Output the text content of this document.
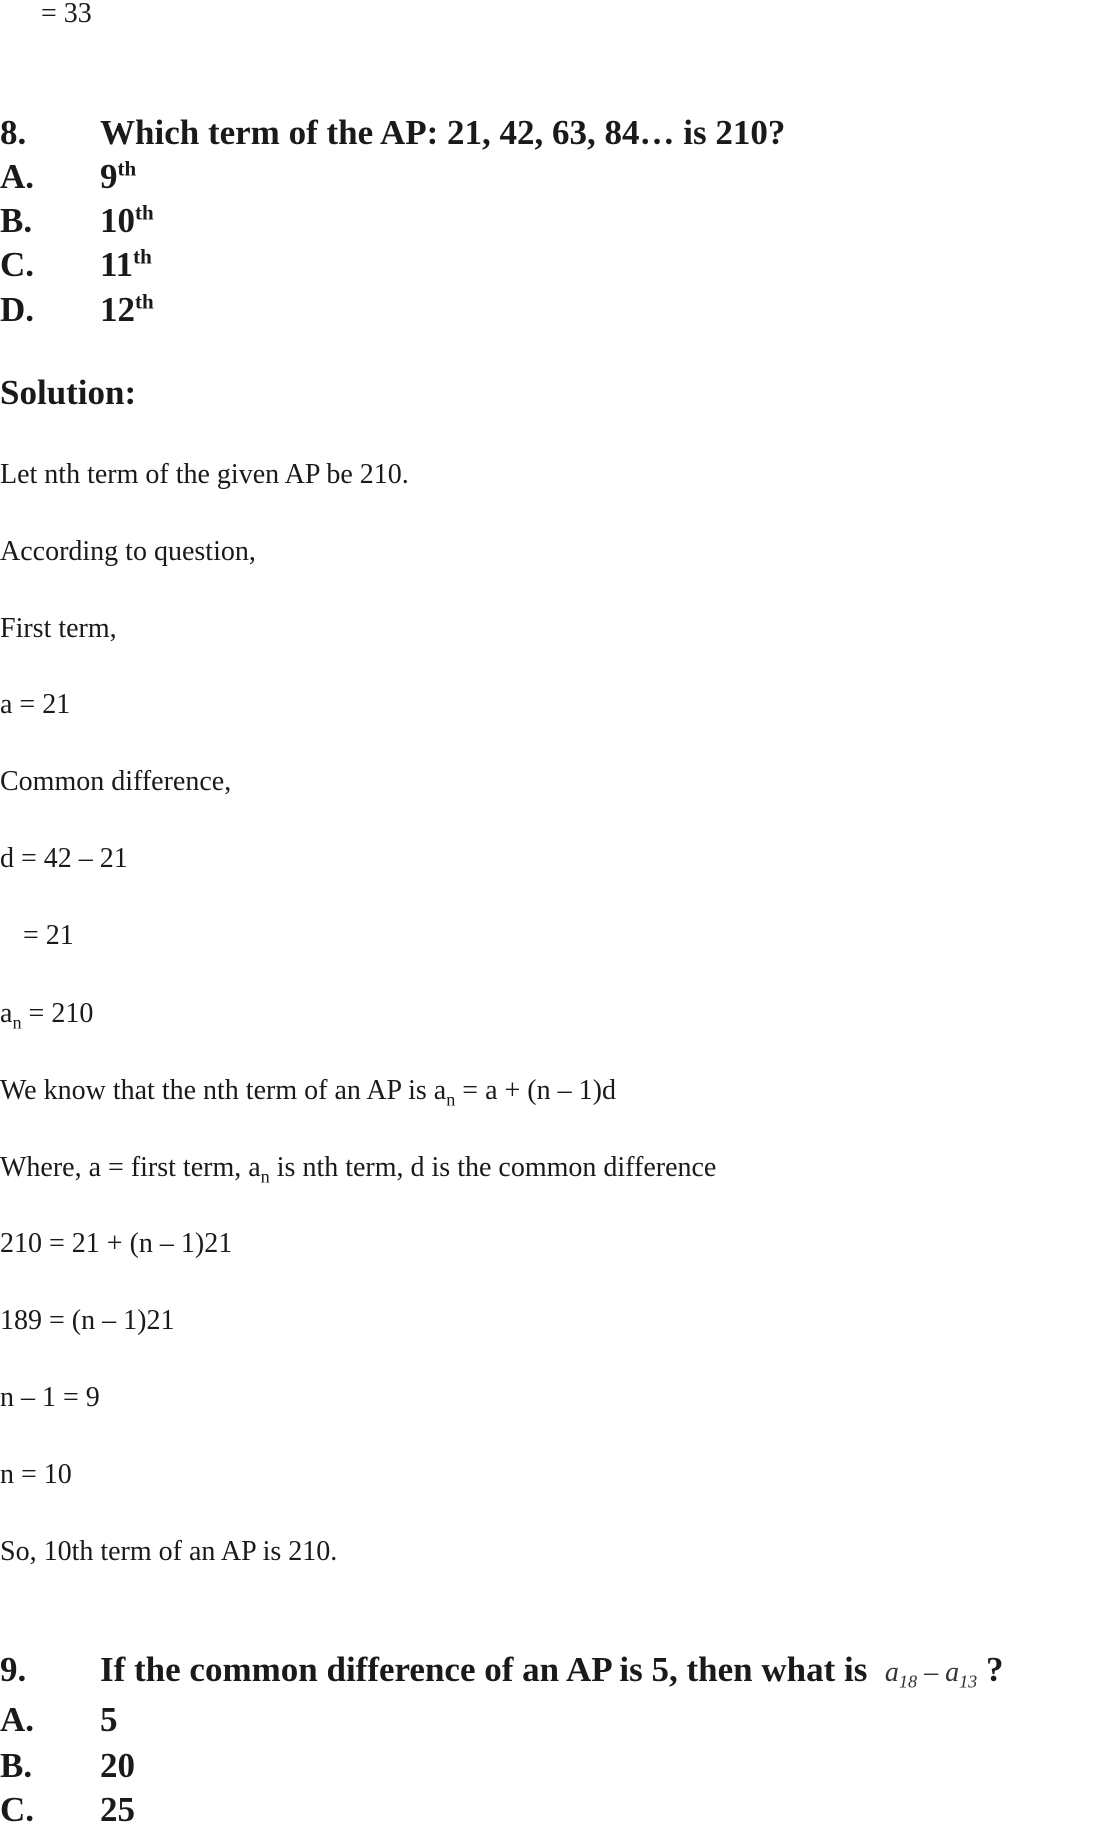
= 33
8. Which term of the AP: 21, 42, 63, 84… is 210?
A. 9th
B. 10th
C. 11th
D. 12th
Solution:
Let nth term of the given AP be 210.
According to question,
First term,
a = 21
Common difference,
d = 42 – 21
= 21
$a_n = 210$
We know that the nth term of an AP is $a_n = a + (n - 1)d$
Where, a = first term, $a_n$ is nth term, d is the common difference
210 = 21 + (n – 1)21
189 = (n – 1)21
n – 1 = 9
n = 10
So, 10th term of an AP is 210.
9. If the common difference of an AP is 5, then what is $a_{18} - a_{13}$ ?
A. 5
B. 20
C. 25
